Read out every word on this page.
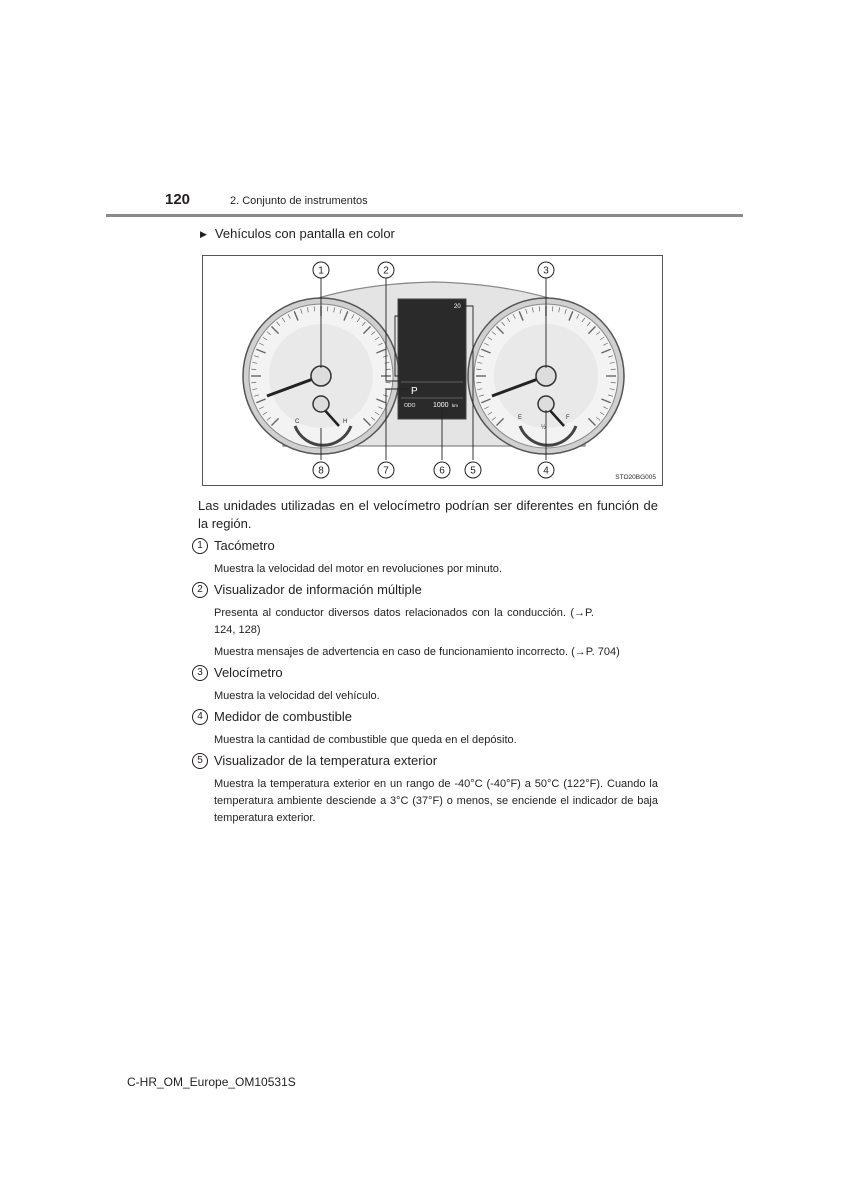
120	2. Conjunto de instrumentos
▶ Vehículos con pantalla en color
C	H
E
½
F
20
P
ODO	1000 km
1	2	3
4
5
6
7
8
STO20BG005
Las unidades utilizadas en el velocímetro podrían ser diferentes en función de la región.
1 Tacómetro
Muestra la velocidad del motor en revoluciones por minuto.
2 Visualizador de información múltiple
Presenta al conductor diversos datos relacionados con la conducción. (→P. 124, 128)
Muestra mensajes de advertencia en caso de funcionamiento incorrecto. (→P. 704)
3 Velocímetro
Muestra la velocidad del vehículo.
4 Medidor de combustible
Muestra la cantidad de combustible que queda en el depósito.
5 Visualizador de la temperatura exterior
Muestra la temperatura exterior en un rango de -40°C (-40°F) a 50°C (122°F). Cuando la temperatura ambiente desciende a 3°C (37°F) o menos, se enciende el indicador de baja temperatura exterior.
C-HR_OM_Europe_OM10531S
